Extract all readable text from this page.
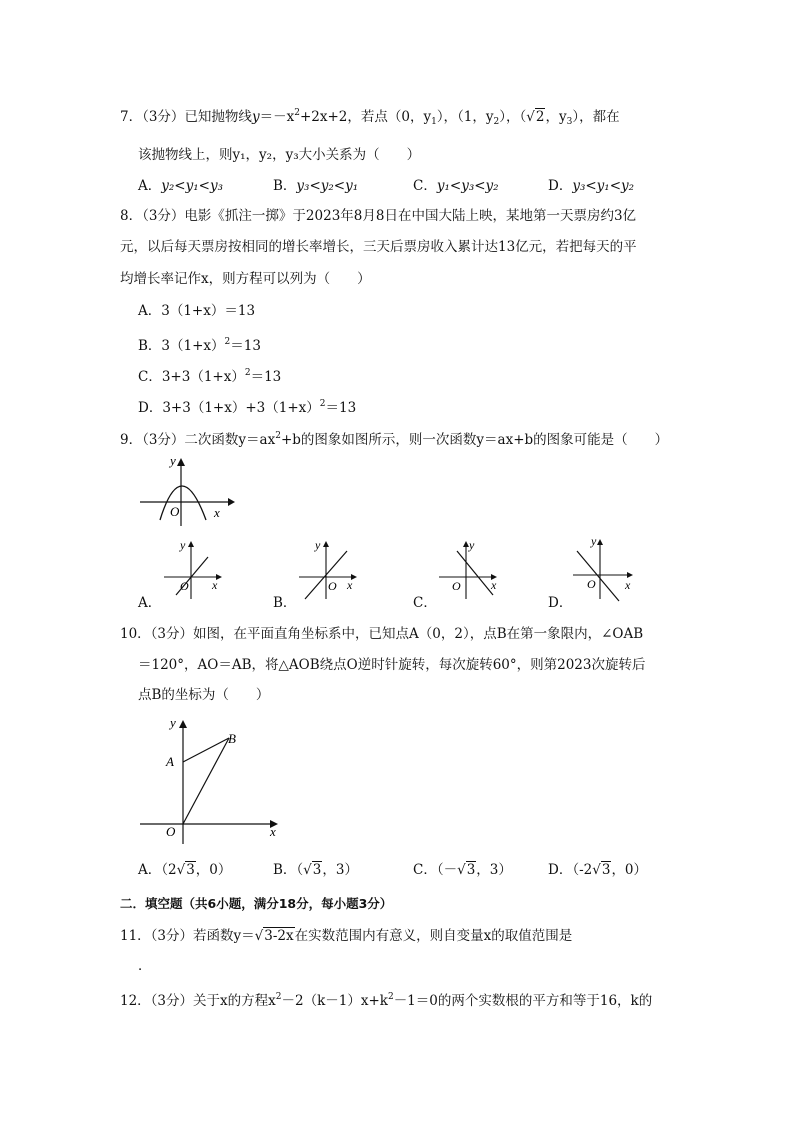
7．（3分）已知抛物线$y=-x^2+2x+2$，若点（0，$y_1$），（1，$y_2$），（√2，$y_3$），都在
该抛物线上，则y₁，y₂，y₃大小关系为（　　）
A．y₂<y₁<y₃	B．y₃<y₂<y₁	C．y₁<y₃<y₂	D．y₃<y₁<y₂
8．（3分）电影《抓注一掷》于2023年8月8日在中国大陆上映，某地第一天票房约3亿
元，以后每天票房按相同的增长率增长，三天后票房收入累计达13亿元，若把每天的平
均增长率记作x，则方程可以列为（　　）
A．3（1+x）＝13
B．$3(1+x)^2=13$
C．$3+3(1+x)^2=13$
D．$3+3(1+x)+3(1+x)^2=13$
9．（3分）二次函数$y=ax^2+b$的图象如图所示，则一次函数y＝ax+b的图象可能是（　　）
y
O	x
y
O x
y
O x
y
O	x
y
O x
A．	B．	C．	D．
10．（3分）如图，在平面直角坐标系中，已知点A（0，2），点B在第一象限内，∠OAB
＝120°，AO＝AB，将△AOB绕点O逆时针旋转，每次旋转60°，则第2023次旋转后
点B的坐标为（　　）
y
A
B
O	x
A．（2√3，0）	B．（√3，3）	C．（－√3，3）	D．（-2√3，0）
二．填空题（共6小题，满分18分，每小题3分）
11．（3分）若函数y＝√3-2x在实数范围内有意义，则自变量x的取值范围是
．
12．（3分）关于x的方程$x^2-2(k-1)x+k^2-1=0$的两个实数根的平方和等于16，k的
